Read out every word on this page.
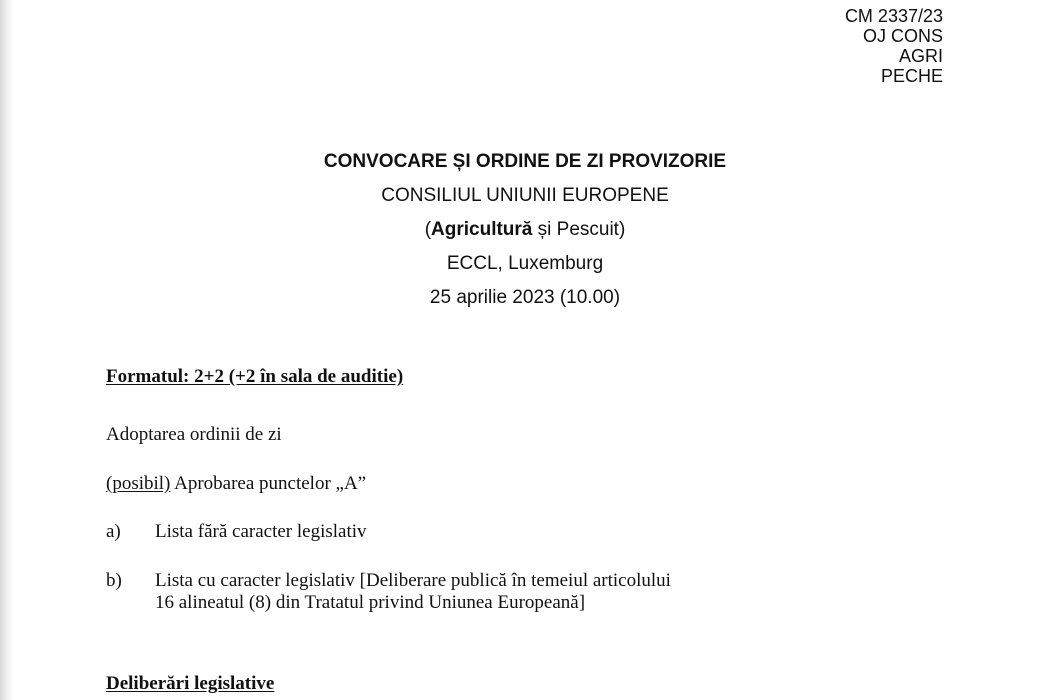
CM 2337/23
OJ CONS
AGRI
PECHE
CONVOCARE ȘI ORDINE DE ZI PROVIZORIE
CONSILIUL UNIUNII EUROPENE
(Agricultură și Pescuit)
ECCL, Luxemburg
25 aprilie 2023 (10.00)
Formatul: 2+2 (+2 în sala de auditie)
Adoptarea ordinii de zi
(posibil) Aprobarea punctelor „A”
a) Lista fără caracter legislativ
b) Lista cu caracter legislativ [Deliberare publică în temeiul articolului 16 alineatul (8) din Tratatul privind Uniunea Europeană]
Deliberări legislative
